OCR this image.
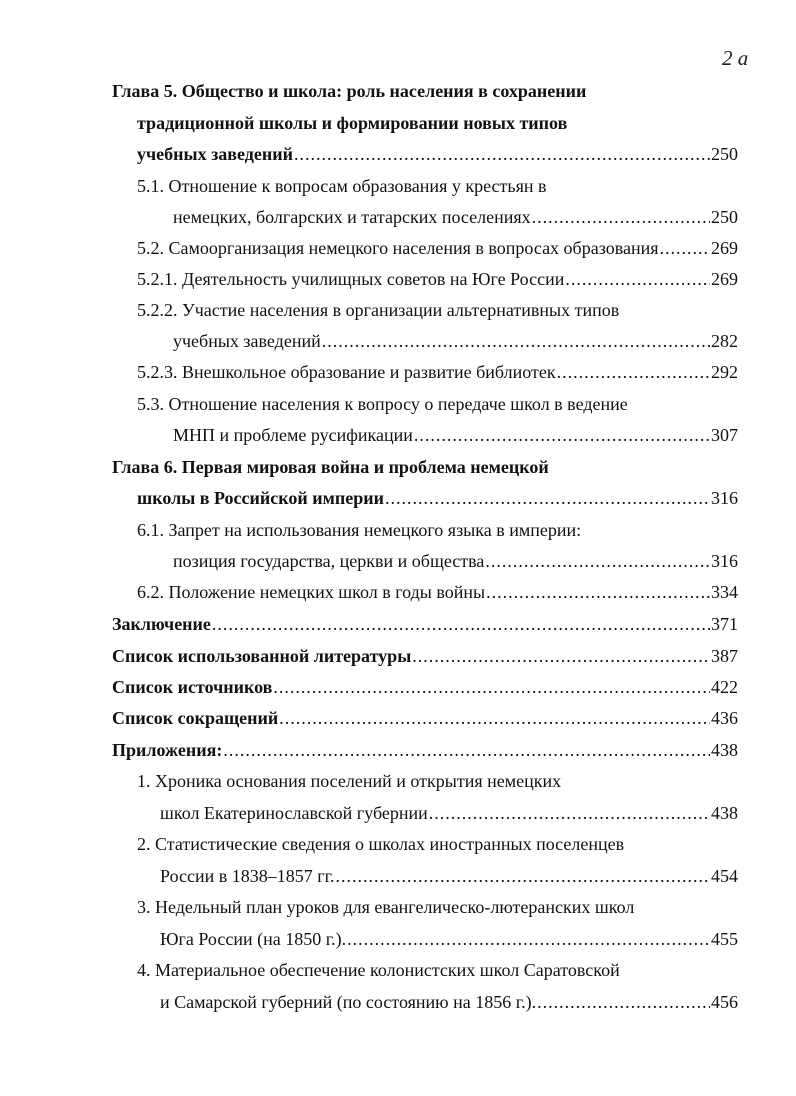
2 a
Глава 5. Общество и школа: роль населения в сохранении
традиционной школы и формировании новых типов
учебных заведений .....	250
5.1. Отношение к вопросам образования у крестьян в
немецких, болгарских и татарских поселениях .....	250
5.2. Самоорганизация немецкого населения в вопросах образования .....	269
5.2.1. Деятельность училищных советов на Юге России .....	269
5.2.2. Участие населения в организации альтернативных типов
учебных заведений .....	282
5.2.3. Внешкольное образование и развитие библиотек .....	292
5.3. Отношение населения к вопросу о передаче школ в ведение
МНП и проблеме русификации .....	307
Глава 6. Первая мировая война и проблема немецкой
школы в Российской империи .....	316
6.1. Запрет на использования немецкого языка в империи:
позиция государства, церкви и общества .....	316
6.2. Положение немецких школ в годы войны .....	334
Заключение .....	371
Список использованной литературы .....	387
Список источников .....	422
Список сокращений .....	436
Приложения: .....	438
1. Хроника основания поселений и открытия немецких
школ Екатеринославской губернии .....	438
2. Статистические сведения о школах иностранных поселенцев
России в 1838–1857 гг. .....	454
3. Недельный план уроков для евангелическо-лютеранских школ
Юга России (на 1850 г.). .....	455
4. Материальное обеспечение колонистских школ Саратовской
и Самарской губерний (по состоянию на 1856 г.). .....	456
